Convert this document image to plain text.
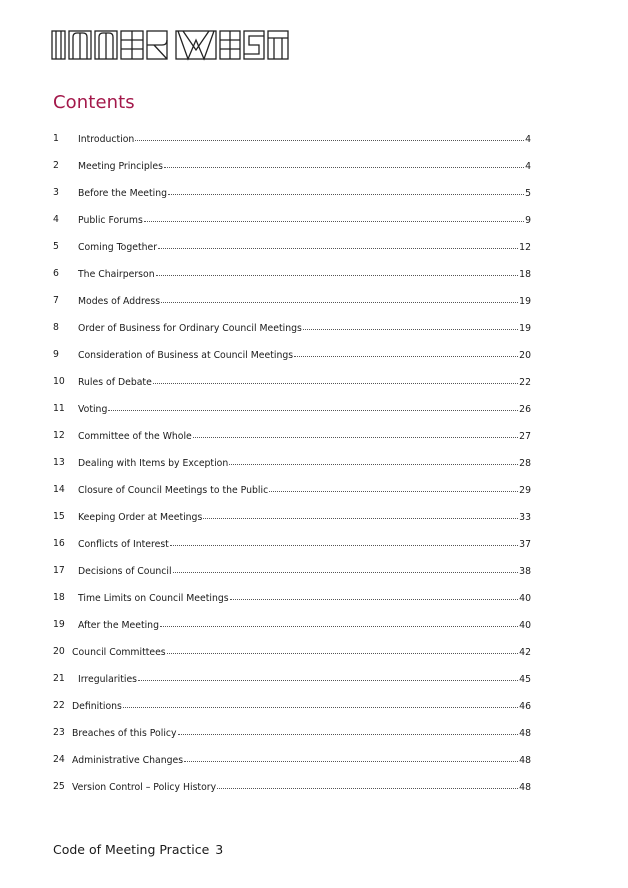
Contents
1 Introduction	4
2 Meeting Principles	4
3 Before the Meeting	5
4 Public Forums	9
5 Coming Together	12
6 The Chairperson	18
7 Modes of Address	19
8 Order of Business for Ordinary Council Meetings	19
9 Consideration of Business at Council Meetings	20
10 Rules of Debate	22
11 Voting	26
12 Committee of the Whole	27
13 Dealing with Items by Exception	28
14 Closure of Council Meetings to the Public	29
15 Keeping Order at Meetings	33
16 Conflicts of Interest	37
17 Decisions of Council	38
18 Time Limits on Council Meetings	40
19 After the Meeting	40
20 Council Committees	42
21 Irregularities	45
22 Definitions	46
23 Breaches of this Policy	48
24 Administrative Changes	48
25 Version Control – Policy History	48
Code of Meeting Practice 3
